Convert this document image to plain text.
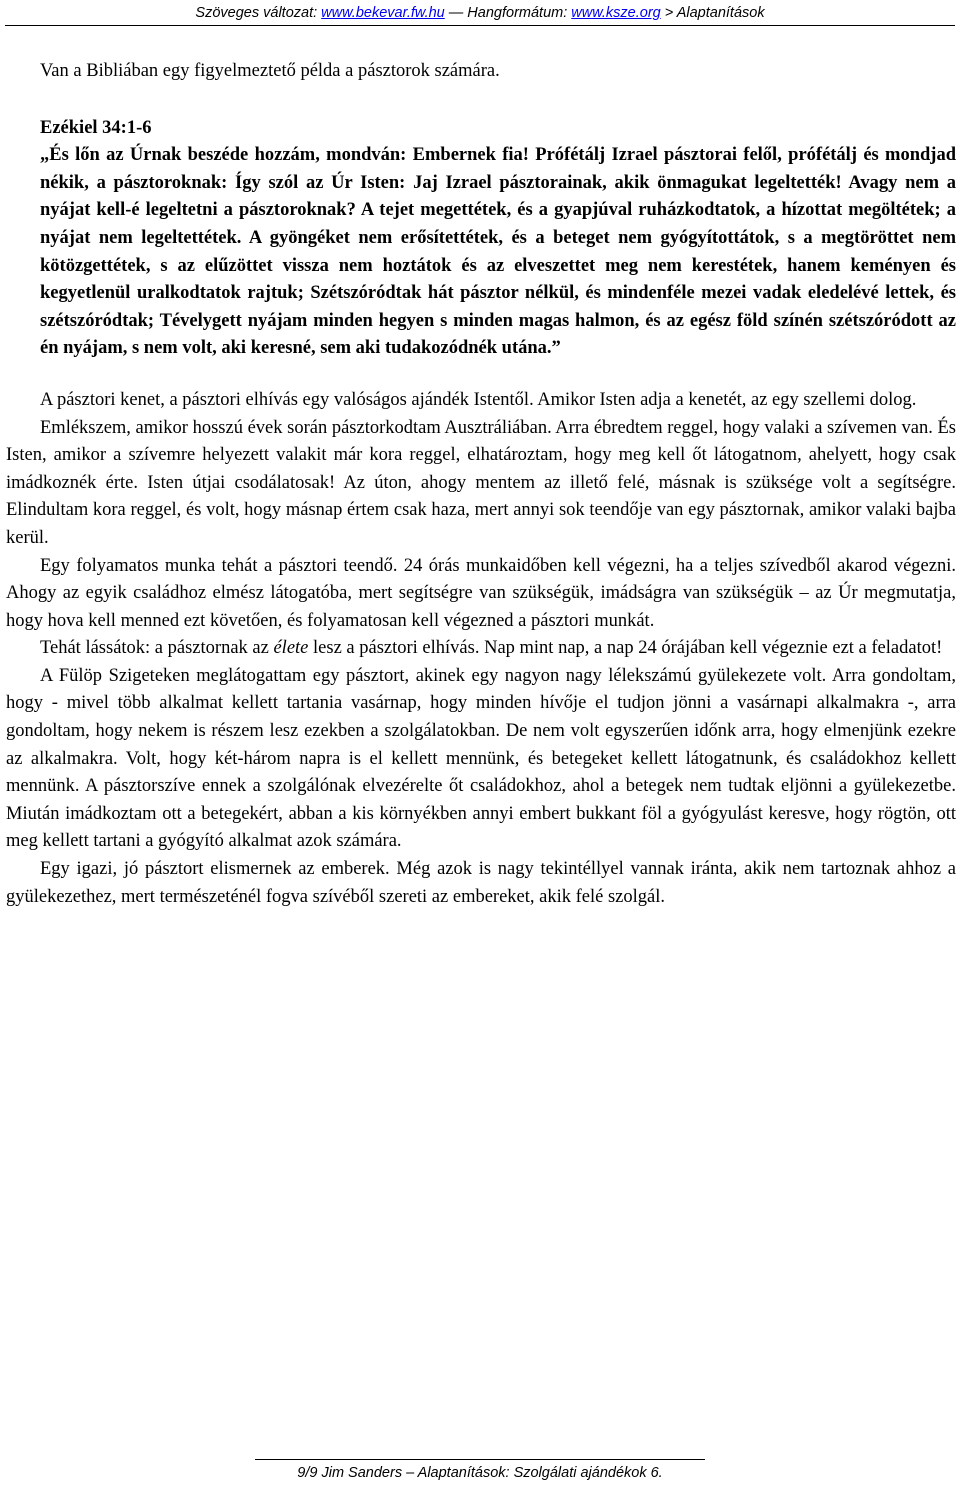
Szöveges változat: www.bekevar.fw.hu — Hangformátum: www.ksze.org > Alaptanítások

Van a Bibliában egy figyelmeztető példa a pásztorok számára.

Ezékiel 34:1-6
„És lőn az Úrnak beszéde hozzám, mondván: Embernek fia! Prófétálj Izrael pásztorai felől, prófétálj és mondjad nékik, a pásztoroknak: Így szól az Úr Isten: Jaj Izrael pásztorainak, akik önmagukat legeltették! Avagy nem a nyájat kell-é legeltetni a pásztoroknak? A tejet megettétek, és a gyapjúval ruházkodtatok, a hízottat megöltétek; a nyájat nem legeltettétek. A gyöngéket nem erősítettétek, és a beteget nem gyógyítottátok, s a megtöröttet nem kötözgettétek, s az elűzöttet vissza nem hoztátok és az elveszettet meg nem kerestétek, hanem keményen és kegyetlenül uralkodtatok rajtuk; Szétszóródtak hát pásztor nélkül, és mindenféle mezei vadak eledelévé lettek, és szétszóródtak; Tévelygett nyájam minden hegyen s minden magas halmon, és az egész föld színén szétszóródott az én nyájam, s nem volt, aki keresné, sem aki tudakozódnék utána.”

A pásztori kenet, a pásztori elhívás egy valóságos ajándék Istentől. Amikor Isten adja a kenetét, az egy szellemi dolog.

Emlékszem, amikor hosszú évek során pásztorkodtam Ausztráliában. Arra ébredtem reggel, hogy valaki a szívemen van. És Isten, amikor a szívemre helyezett valakit már kora reggel, elhatároztam, hogy meg kell őt látogatnom, ahelyett, hogy csak imádkoznék érte. Isten útjai csodálatosak! Az úton, ahogy mentem az illető felé, másnak is szüksége volt a segítségre. Elindultam kora reggel, és volt, hogy másnap értem csak haza, mert annyi sok teendője van egy pásztornak, amikor valaki bajba kerül.

Egy folyamatos munka tehát a pásztori teendő. 24 órás munkaidőben kell végezni, ha a teljes szívedből akarod végezni. Ahogy az egyik családhoz elmész látogatóba, mert segítségre van szükségük, imádságra van szükségük – az Úr megmutatja, hogy hova kell menned ezt követően, és folyamatosan kell végezned a pásztori munkát.

Tehát lássátok: a pásztornak az élete lesz a pásztori elhívás. Nap mint nap, a nap 24 órájában kell végeznie ezt a feladatot!

A Fülöp Szigeteken meglátogattam egy pásztort, akinek egy nagyon nagy lélekszámú gyülekezete volt. Arra gondoltam, hogy - mivel több alkalmat kellett tartania vasárnap, hogy minden hívője el tudjon jönni a vasárnapi alkalmakra -, arra gondoltam, hogy nekem is részem lesz ezekben a szolgálatokban. De nem volt egyszerűen időnk arra, hogy elmenjünk ezekre az alkalmakra. Volt, hogy két-három napra is el kellett mennünk, és betegeket kellett látogatnunk, és családokhoz kellett mennünk. A pásztorszíve ennek a szolgálónak elvezérelte őt családokhoz, ahol a betegek nem tudtak eljönni a gyülekezetbe. Miután imádkoztam ott a betegekért, abban a kis környékben annyi embert bukkant föl a gyógyulást keresve, hogy rögtön, ott meg kellett tartani a gyógyító alkalmat azok számára.

Egy igazi, jó pásztort elismernek az emberek. Még azok is nagy tekintéllyel vannak iránta, akik nem tartoznak ahhoz a gyülekezethez, mert természeténél fogva szívéből szereti az embereket, akik felé szolgál.

9/9 Jim Sanders – Alaptanítások: Szolgálati ajándékok 6.
